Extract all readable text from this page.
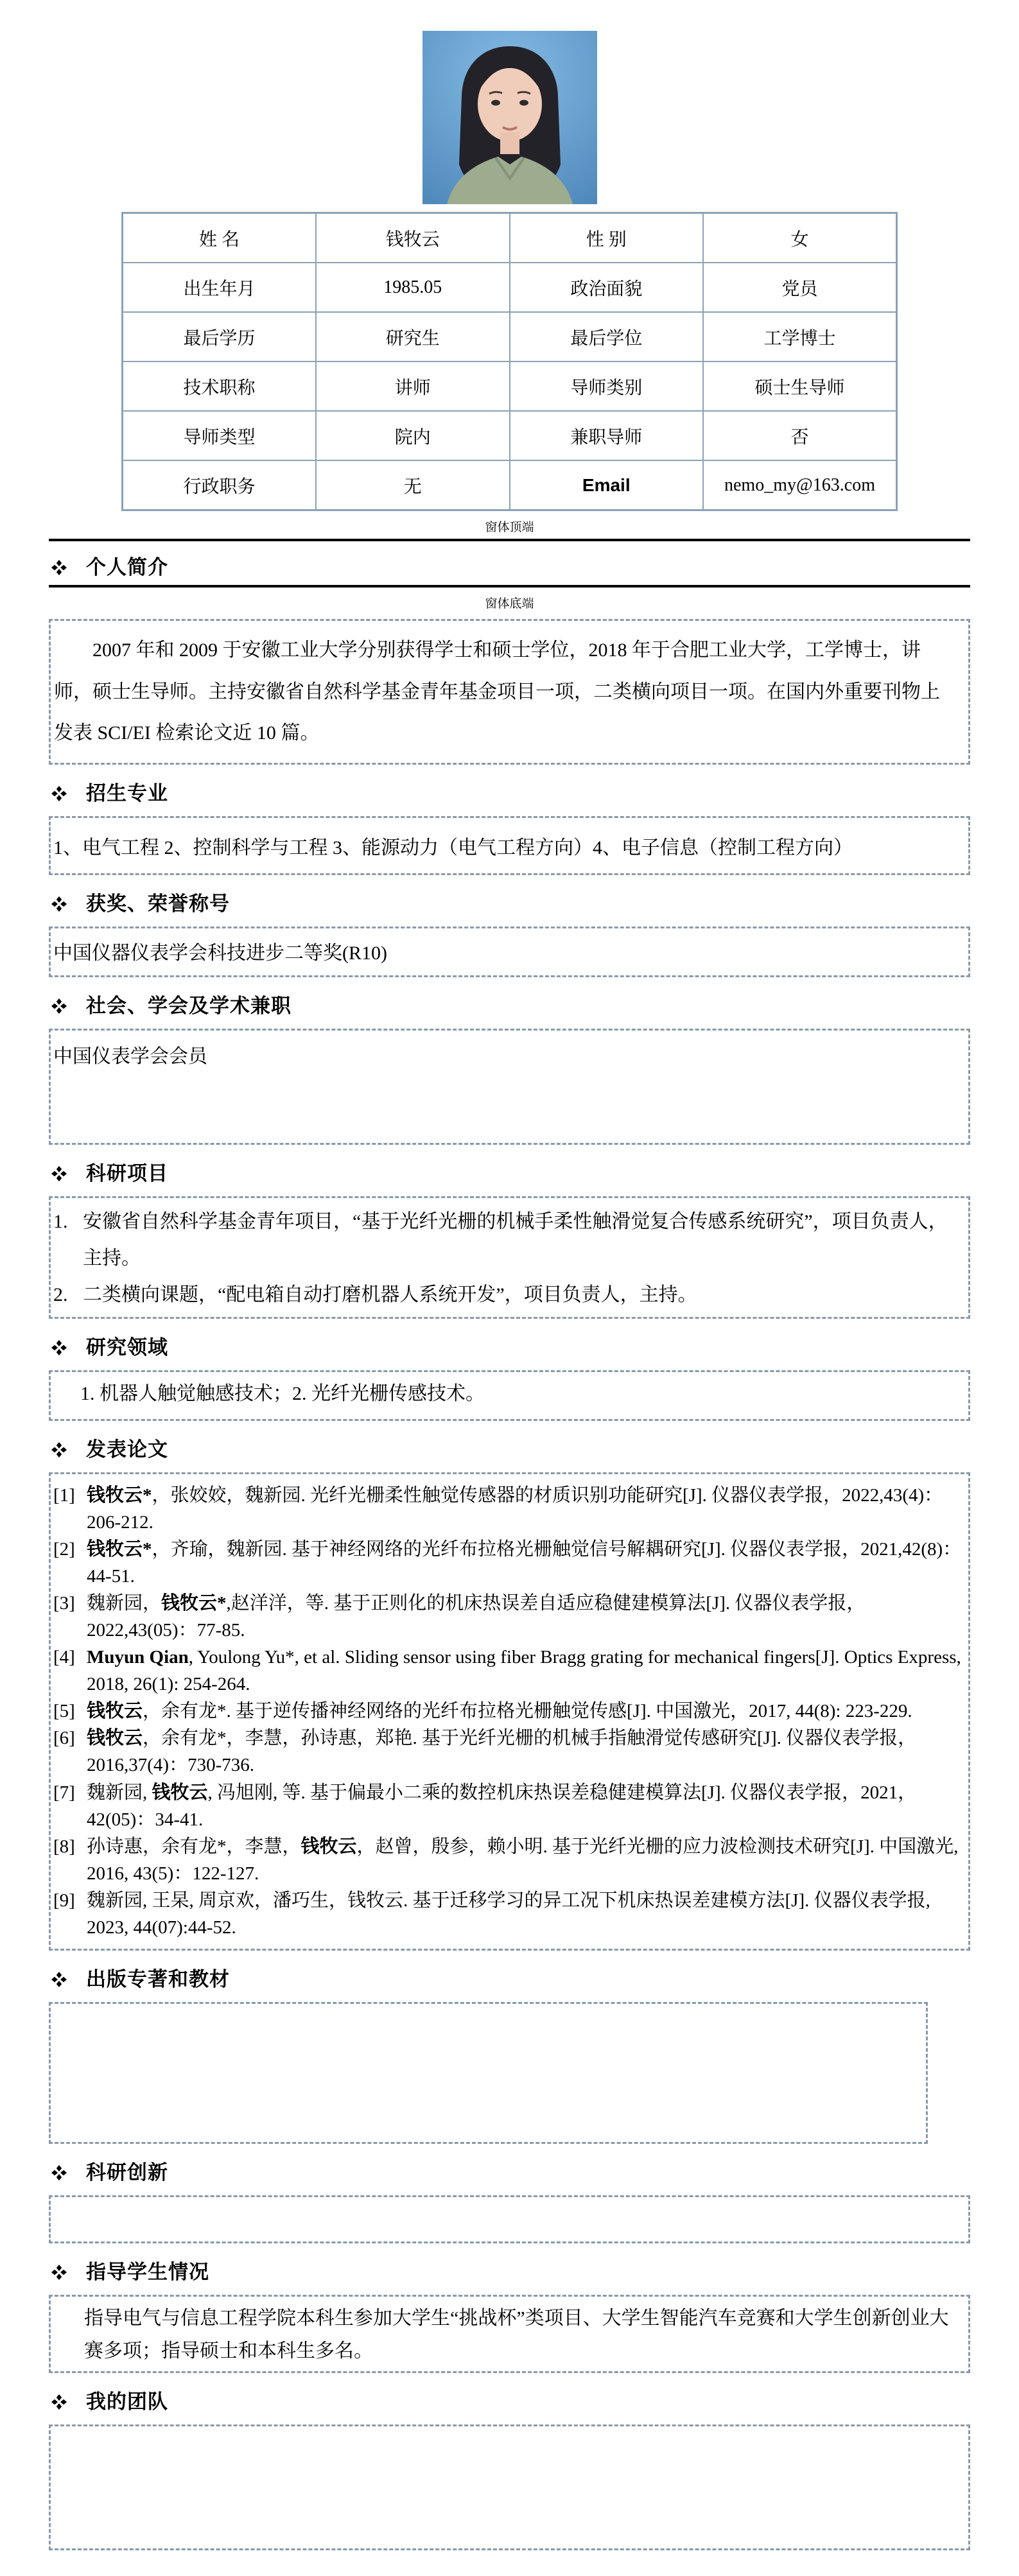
姓 名	钱牧云	性 别	女
出生年月	1985.05	政治面貌	党员
最后学历	研究生	最后学位	工学博士
技术职称	讲师	导师类别	硕士生导师
导师类型	院内	兼职导师	否
行政职务	无	Email	nemo_my@163.com
窗体顶端
个人简介
窗体底端

2007 年和 2009 于安徽工业大学分别获得学士和硕士学位，2018 年于合肥工业大学，工学博士，讲师，硕士生导师。主持安徽省自然科学基金青年基金项目一项，二类横向项目一项。在国内外重要刊物上发表 SCI/EI 检索论文近 10 篇。

招生专业
1、电气工程 2、控制科学与工程 3、能源动力（电气工程方向）4、电子信息（控制工程方向）
获奖、荣誉称号
中国仪器仪表学会科技进步二等奖(R10)
社会、学会及学术兼职
中国仪表学会会员
科研项目
1. 安徽省自然科学基金青年项目，“基于光纤光栅的机械手柔性触滑觉复合传感系统研究”，项目负责人，主持。
2. 二类横向课题，“配电箱自动打磨机器人系统开发”，项目负责人，主持。
研究领域
1. 机器人触觉触感技术；2. 光纤光栅传感技术。
发表论文
[1] 钱牧云*，张姣姣，魏新园. 光纤光栅柔性触觉传感器的材质识别功能研究[J]. 仪器仪表学报，2022,43(4)：206-212.
[2] 钱牧云*，齐瑜，魏新园. 基于神经网络的光纤布拉格光栅触觉信号解耦研究[J]. 仪器仪表学报，2021,42(8)：44-51.
[3] 魏新园，钱牧云*,赵洋洋，等. 基于正则化的机床热误差自适应稳健建模算法[J]. 仪器仪表学报，2022,43(05)：77-85.
[4] Muyun Qian, Youlong Yu*, et al. Sliding sensor using fiber Bragg grating for mechanical fingers[J]. Optics Express, 2018, 26(1): 254-264.
[5] 钱牧云，余有龙*. 基于逆传播神经网络的光纤布拉格光栅触觉传感[J]. 中国激光，2017, 44(8): 223-229.
[6] 钱牧云，余有龙*，李慧，孙诗惠，郑艳. 基于光纤光栅的机械手指触滑觉传感研究[J]. 仪器仪表学报，2016,37(4)：730-736.
[7] 魏新园, 钱牧云, 冯旭刚, 等. 基于偏最小二乘的数控机床热误差稳健建模算法[J]. 仪器仪表学报，2021，42(05)：34-41.
[8] 孙诗惠，余有龙*，李慧，钱牧云，赵曾，殷参，赖小明. 基于光纤光栅的应力波检测技术研究[J]. 中国激光, 2016, 43(5)：122-127.
[9] 魏新园, 王杲, 周京欢，潘巧生，钱牧云. 基于迁移学习的异工况下机床热误差建模方法[J]. 仪器仪表学报, 2023, 44(07):44-52.
出版专著和教材
科研创新
指导学生情况
指导电气与信息工程学院本科生参加大学生“挑战杯”类项目、大学生智能汽车竞赛和大学生创新创业大赛多项；指导硕士和本科生多名。
我的团队
